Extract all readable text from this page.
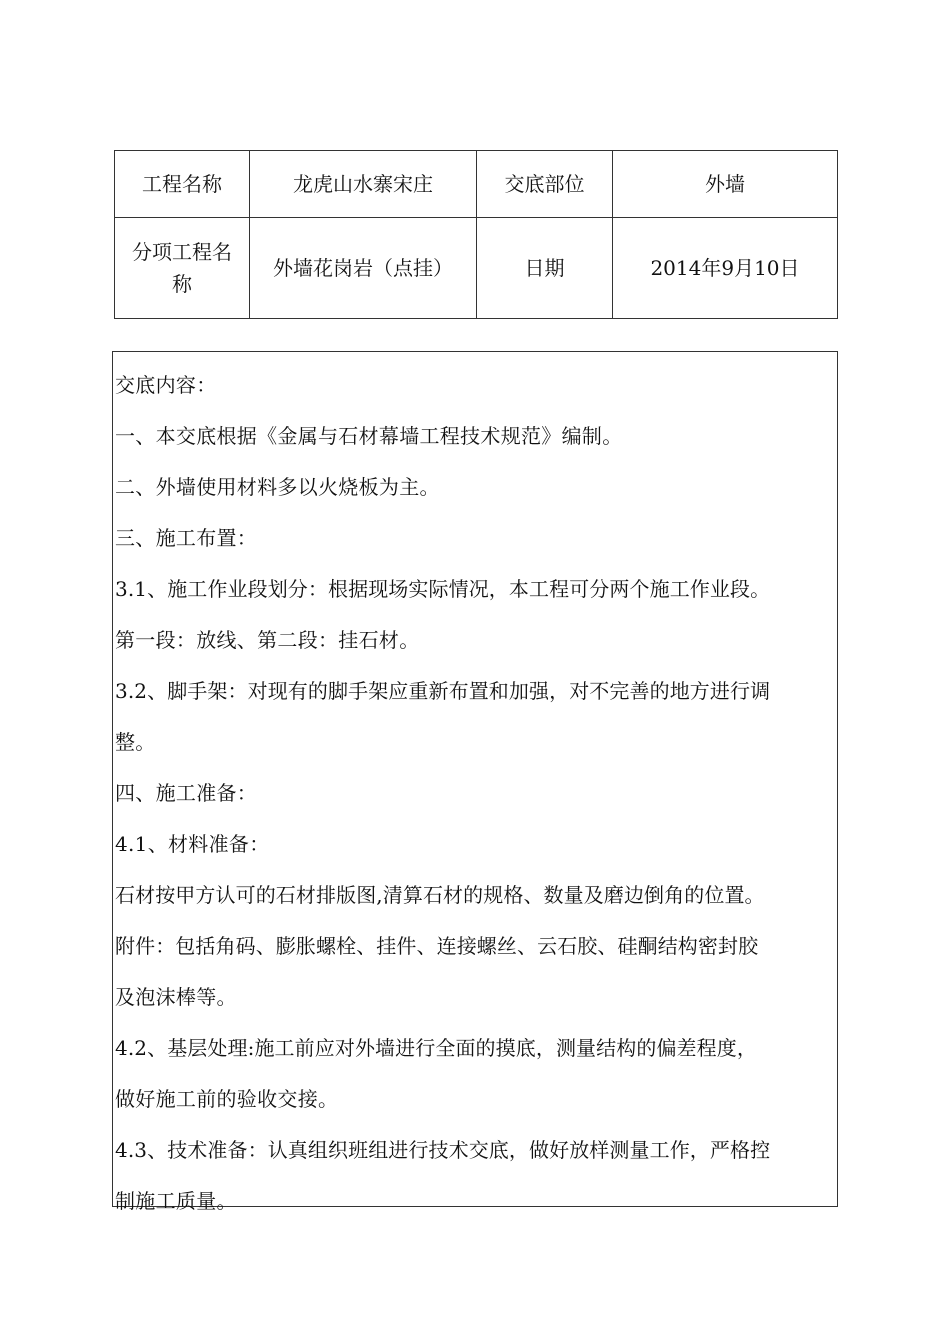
工程名称	龙虎山水寨宋庄	交底部位	外墙
分项工程名称	外墙花岗岩（点挂）	日期	2014年9月10日

交底内容：

一、本交底根据《金属与石材幕墙工程技术规范》编制。

二、外墙使用材料多以火烧板为主。

三、施工布置：

3.1、施工作业段划分：根据现场实际情况，本工程可分两个施工作业段。

第一段：放线、第二段：挂石材。

3.2、脚手架：对现有的脚手架应重新布置和加强，对不完善的地方进行调

整。

四、施工准备：

4.1、材料准备：

石材按甲方认可的石材排版图,清算石材的规格、数量及磨边倒角的位置。

附件：包括角码、膨胀螺栓、挂件、连接螺丝、云石胶、硅酮结构密封胶

及泡沫棒等。

4.2、基层处理:施工前应对外墙进行全面的摸底，测量结构的偏差程度，

做好施工前的验收交接。

4.3、技术准备：认真组织班组进行技术交底，做好放样测量工作，严格控

制施工质量。
